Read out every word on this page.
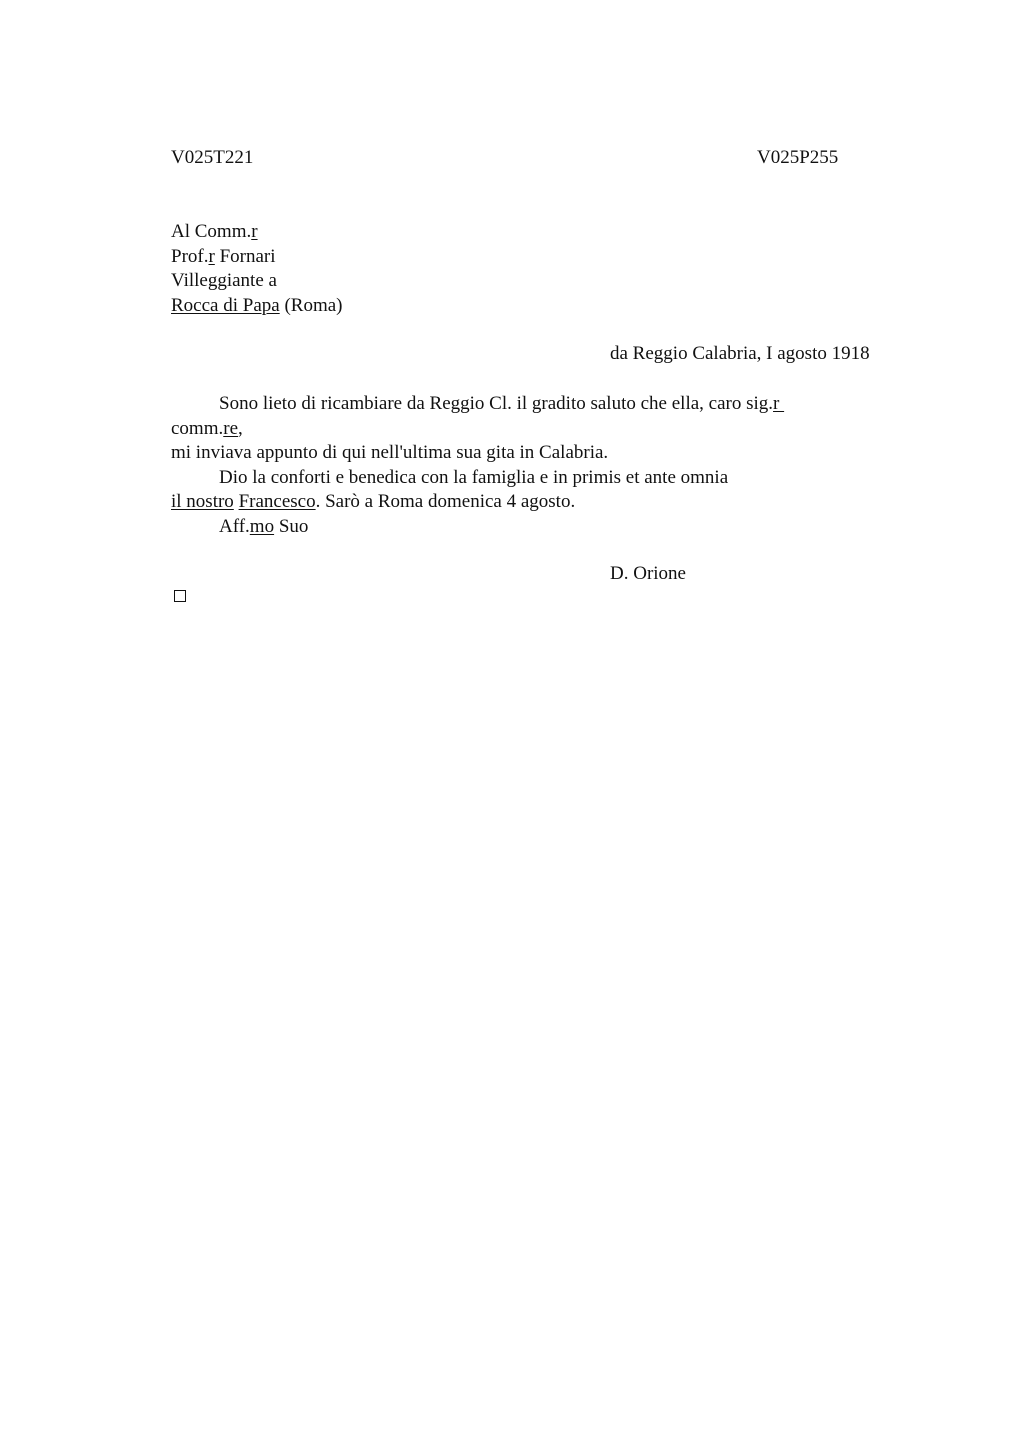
V025T221	V025P255
Al Comm.r
Prof.r Fornari
Villeggiante a
Rocca di Papa (Roma)
da Reggio Calabria, I agosto 1918
Sono lieto di ricambiare da Reggio Cl. il gradito saluto che ella, caro sig.r
comm.re,
mi inviava appunto di qui nell'ultima sua gita in Calabria.
Dio la conforti e benedica con la famiglia e in primis et ante omnia
il nostro Francesco. Sarò a Roma domenica 4 agosto.
Aff.mo Suo
D. Orione
